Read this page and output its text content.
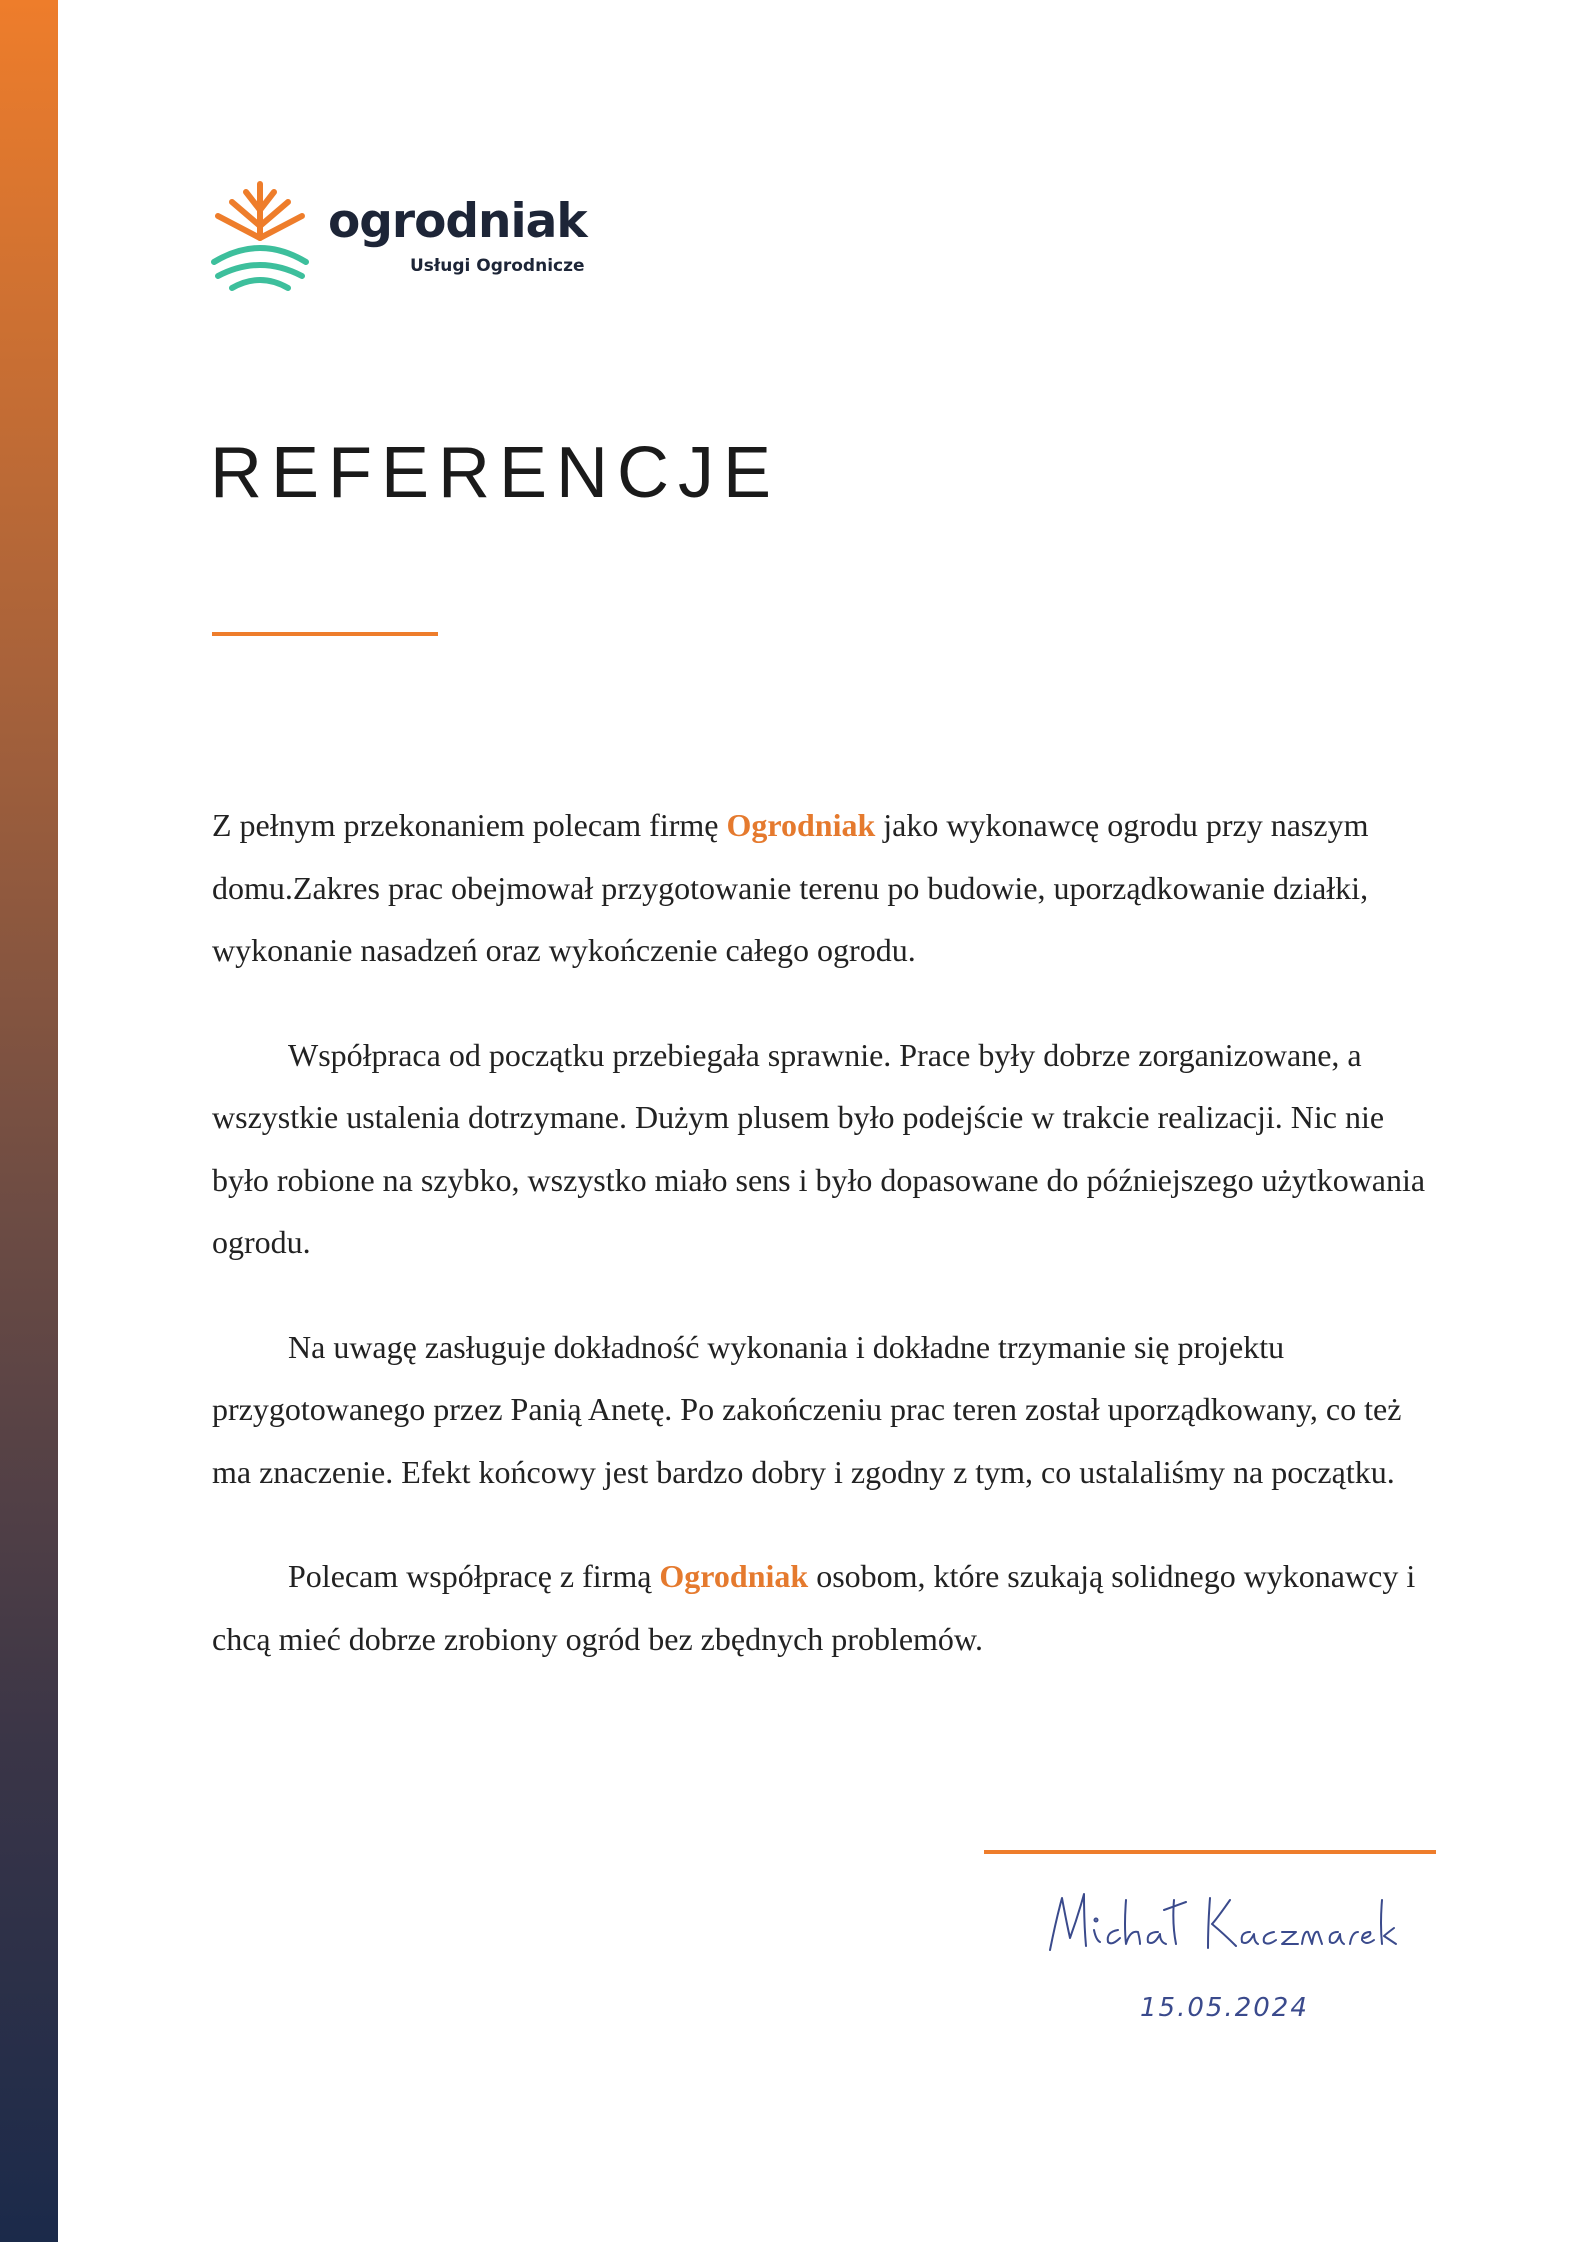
ogrodniak
Usługi Ogrodnicze
REFERENCJE

Z pełnym przekonaniem polecam firmę Ogrodniak jako wykonawcę ogrodu przy naszym domu.Zakres prac obejmował przygotowanie terenu po budowie, uporządkowanie działki, wykonanie nasadzeń oraz wykończenie całego ogrodu.

Współpraca od początku przebiegała sprawnie. Prace były dobrze zorganizowane, a wszystkie ustalenia dotrzymane. Dużym plusem było podejście w trakcie realizacji. Nic nie było robione na szybko, wszystko miało sens i było dopasowane do późniejszego użytkowania ogrodu.

Na uwagę zasługuje dokładność wykonania i dokładne trzymanie się projektu przygotowanego przez Panią Anetę. Po zakończeniu prac teren został uporządkowany, co też ma znaczenie. Efekt końcowy jest bardzo dobry i zgodny z tym, co ustalaliśmy na początku.

Polecam współpracę z firmą Ogrodniak osobom, które szukają solidnego wykonawcy i chcą mieć dobrze zrobiony ogród bez zbędnych problemów.

15.05.2024
